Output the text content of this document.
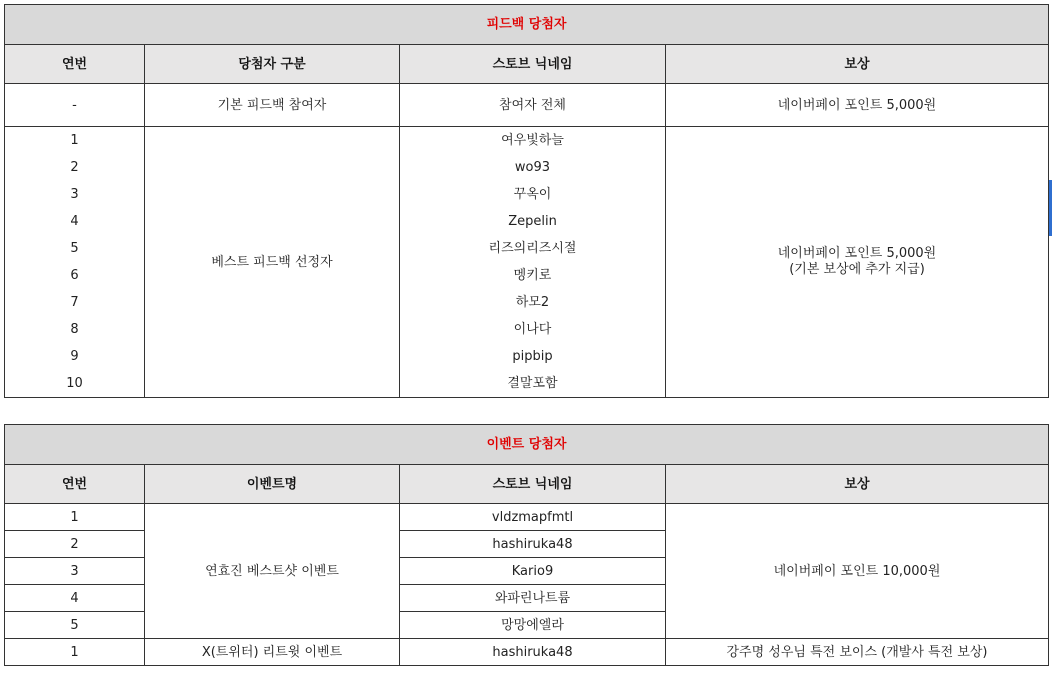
피드백 당첨자			
연번	당첨자 구분	스토브 닉네임	보상
-	기본 피드백 참여자	참여자 전체	네이버페이 포인트 5,000원
1	베스트 피드백 선정자	여우빛하늘	네이버페이 포인트 5,000원
(기본 보상에 추가 지급)

2		wo93	
3		꾸옥이	
4		Zepelin	
5		리즈의리즈시절	
6		멩키로	
7		하모2	
8		이나다	
9		pipbip	
10		결말포함	
이벤트 당첨자			
연번	이벤트명	스토브 닉네임	보상
1	연효진 베스트샷 이벤트	vldzmapfmtl	네이버페이 포인트 10,000원
2		hashiruka48	
3		Kario9	
4		와파린나트륨	
5		망망에엘라	
1	X(트위터) 리트윗 이벤트	hashiruka48	강주명 성우님 특전 보이스 (개발사 특전 보상)
